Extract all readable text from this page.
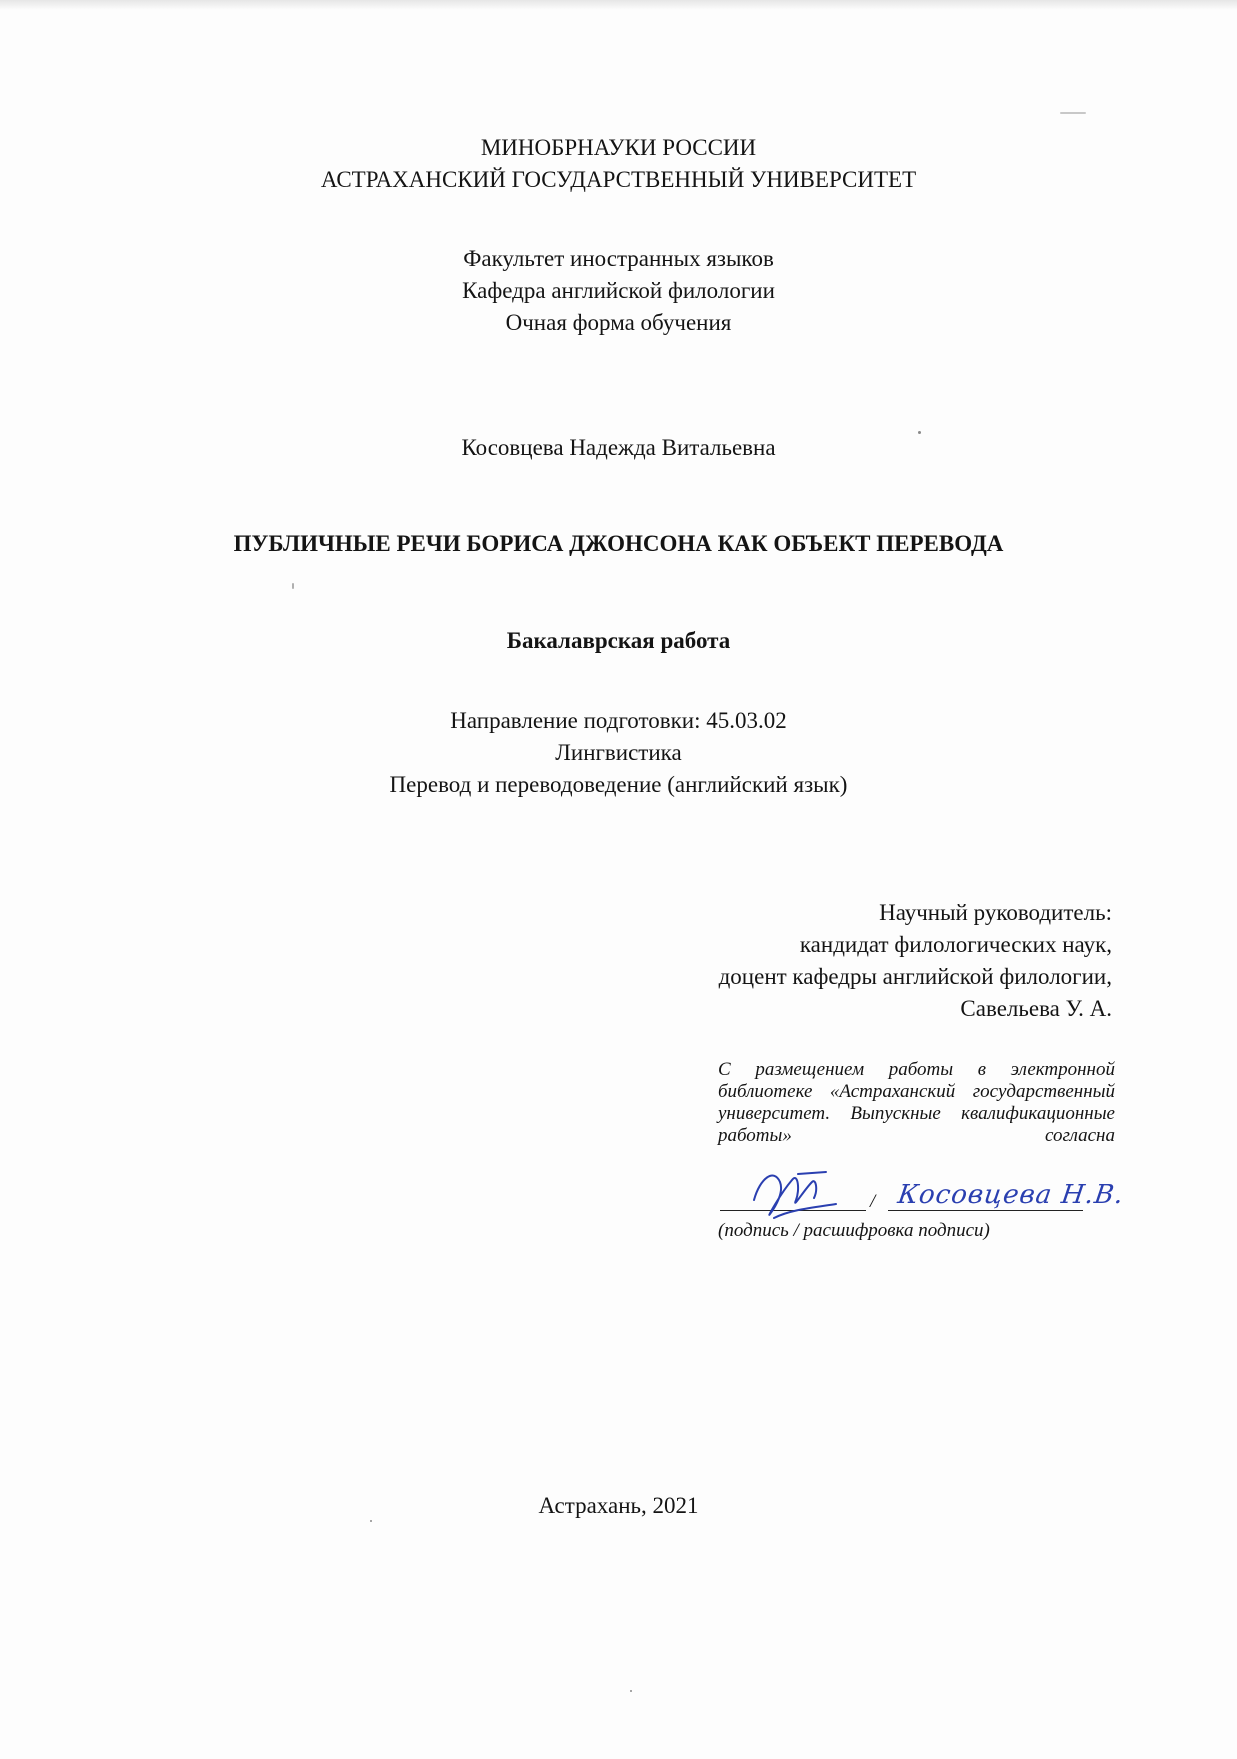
МИНОБРНАУКИ РОССИИ
АСТРАХАНСКИЙ ГОСУДАРСТВЕННЫЙ УНИВЕРСИТЕТ
Факультет иностранных языков
Кафедра английской филологии
Очная форма обучения
Косовцева Надежда Витальевна
ПУБЛИЧНЫЕ РЕЧИ БОРИСА ДЖОНСОНА КАК ОБЪЕКТ ПЕРЕВОДА
Бакалаврская работа
Направление подготовки: 45.03.02
Лингвистика
Перевод и переводоведение (английский язык)
Научный руководитель:
кандидат филологических наук,
доцент кафедры английской филологии,
Савельева У. А.
С размещением работы в электронной библиотеке «Астраханский государственный университет. Выпускные квалификационные работы» согласна
/
(подпись / расшифровка подписи)
Косовцева Н.В.
Астрахань, 2021
